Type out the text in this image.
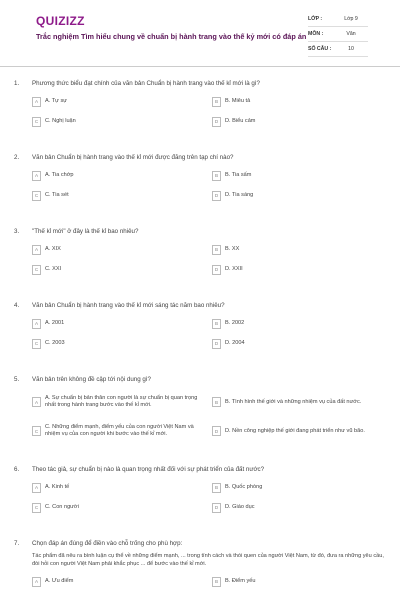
QUIZIZZ
Trắc nghiệm Tìm hiểu chung về chuẩn bị hành trang vào thế kỷ mới có đáp án
LỚP :	Lớp 9
MÔN :	Văn
SỐ CÂU :	10
1.	Phương thức biểu đạt chính của văn bản Chuẩn bị hành trang vào thế kỉ mới là gì?
A	A. Tự sự	B	B. Miêu tả
C	C. Nghị luận	D	D. Biểu cảm
2.	Văn bản Chuẩn bị hành trang vào thế kỉ mới được đăng trên tạp chí nào?
A	A. Tia chớp	B	B. Tia sấm
C	C. Tia sét	D	D. Tia sáng
3.	"Thế kỉ mới" ở đây là thế kỉ bao nhiêu?
A	A. XIX	B	B. XX
C	C. XXI	D	D. XXII
4.	Văn bản Chuẩn bị hành trang vào thế kỉ mới sáng tác năm bao nhiêu?
A	A. 2001	B	B. 2002
C	C. 2003	D	D. 2004
5.	Văn bản trên không đề cập tới nội dung gì?
A
A. Sự chuẩn bị bản thân con người là sự chuẩn bị quan trọng nhất trong hành trang bước vào thế kỉ mới.	B	B. Tình hình thế giới và những nhiệm vụ của đất nước.
C
C. Những điểm mạnh, điểm yếu của con người Việt Nam và nhiệm vụ của con người khi bước vào thế kỉ mới.	D	D. Nền công nghiệp thế giới đang phát triển như vũ bão.
6.	Theo tác giả, sự chuẩn bị nào là quan trọng nhất đối với sự phát triển của đất nước?
A	A. Kinh tế	B	B. Quốc phòng
C	C. Con người	D	D. Giáo dục
7.	Chọn đáp án đúng để điền vào chỗ trống cho phù hợp:
Tác phẩm đã nêu ra bình luận cụ thể về những điểm mạnh, ... trong tính cách và thói quen của người Việt Nam, từ đó, đưa ra những yêu cầu, đòi hỏi con người Việt Nam phải khắc phục ... để bước vào thế kỉ mới.
A	A. Ưu điểm	B	B. Điểm yếu
